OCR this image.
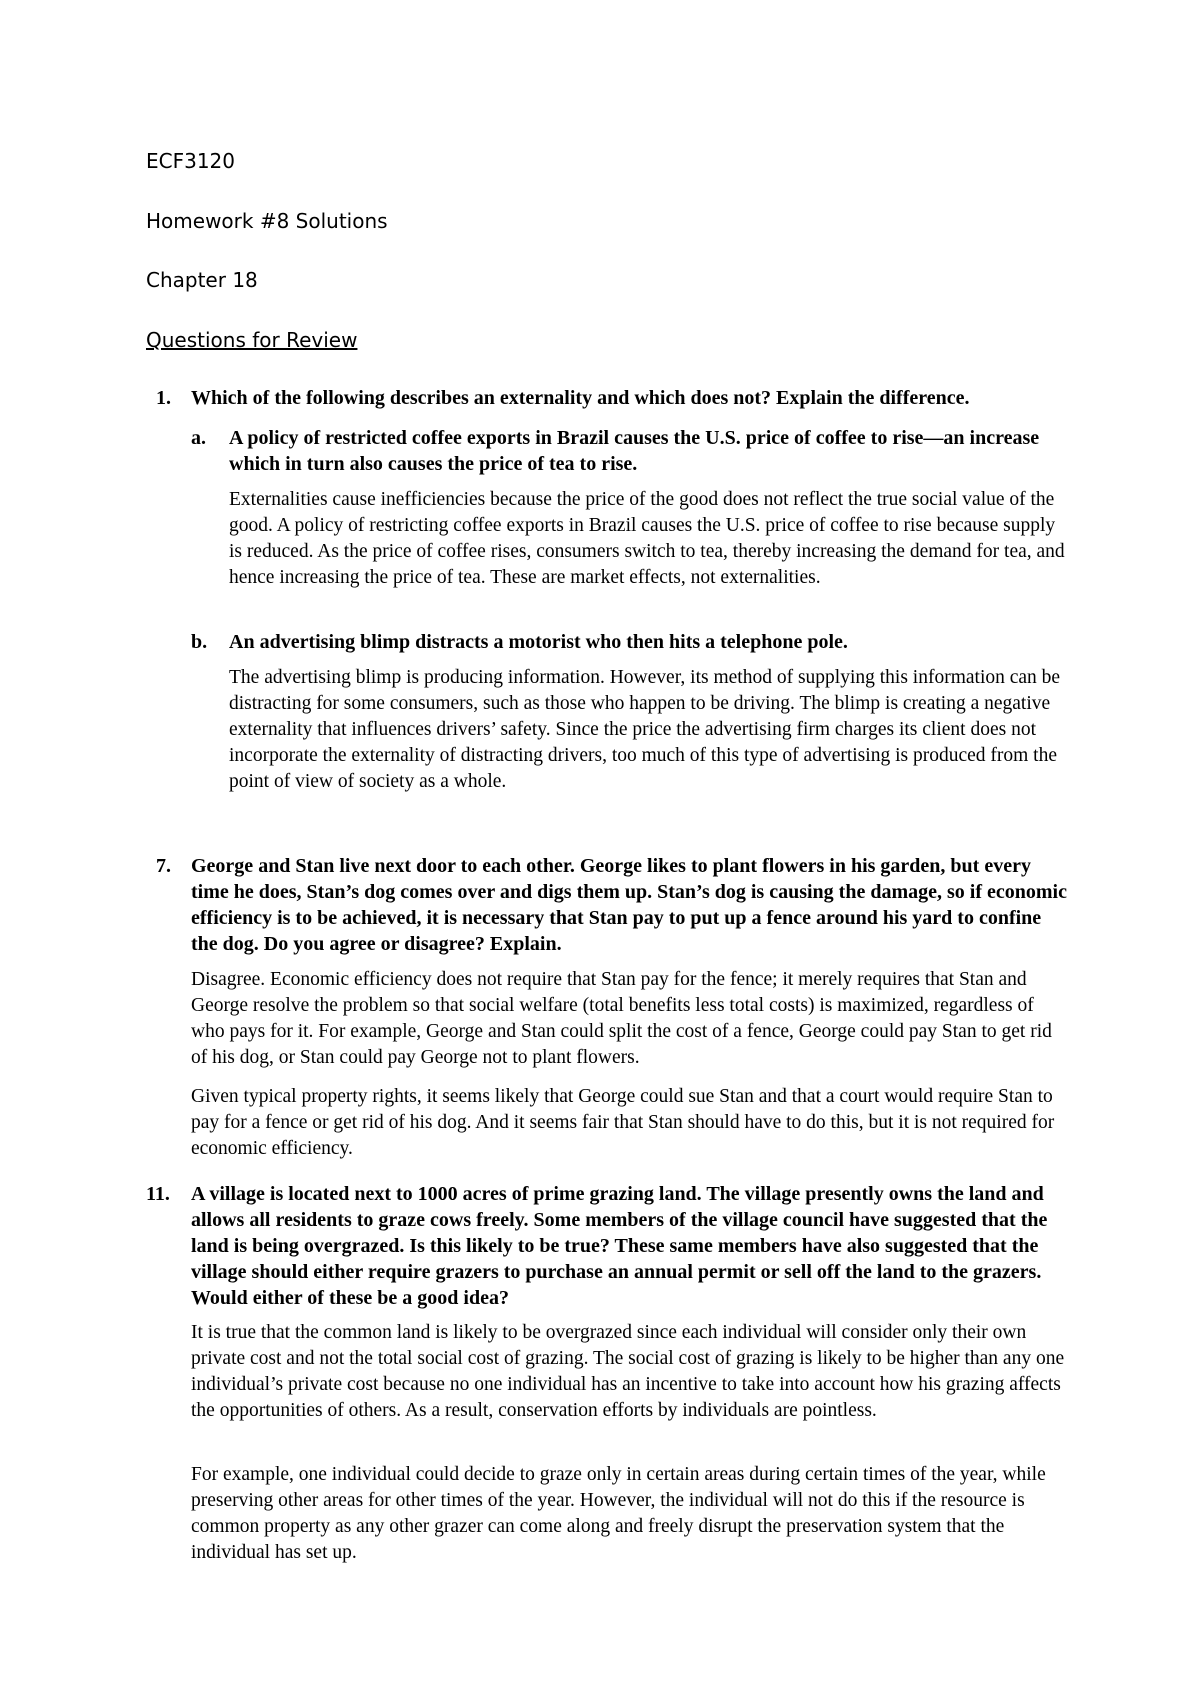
ECF3120
Homework #8 Solutions
Chapter 18
Questions for Review
1. Which of the following describes an externality and which does not? Explain the difference.
a. A policy of restricted coffee exports in Brazil causes the U.S. price of coffee to rise—an increase which in turn also causes the price of tea to rise.
Externalities cause inefficiencies because the price of the good does not reflect the true social value of the good. A policy of restricting coffee exports in Brazil causes the U.S. price of coffee to rise because supply is reduced. As the price of coffee rises, consumers switch to tea, thereby increasing the demand for tea, and hence increasing the price of tea. These are market effects, not externalities.
b. An advertising blimp distracts a motorist who then hits a telephone pole.
The advertising blimp is producing information. However, its method of supplying this information can be distracting for some consumers, such as those who happen to be driving. The blimp is creating a negative externality that influences drivers’ safety. Since the price the advertising firm charges its client does not incorporate the externality of distracting drivers, too much of this type of advertising is produced from the point of view of society as a whole.
7. George and Stan live next door to each other. George likes to plant flowers in his garden, but every time he does, Stan’s dog comes over and digs them up. Stan’s dog is causing the damage, so if economic efficiency is to be achieved, it is necessary that Stan pay to put up a fence around his yard to confine the dog. Do you agree or disagree? Explain.
Disagree. Economic efficiency does not require that Stan pay for the fence; it merely requires that Stan and George resolve the problem so that social welfare (total benefits less total costs) is maximized, regardless of who pays for it. For example, George and Stan could split the cost of a fence, George could pay Stan to get rid of his dog, or Stan could pay George not to plant flowers.
Given typical property rights, it seems likely that George could sue Stan and that a court would require Stan to pay for a fence or get rid of his dog. And it seems fair that Stan should have to do this, but it is not required for economic efficiency.
11. A village is located next to 1000 acres of prime grazing land. The village presently owns the land and allows all residents to graze cows freely. Some members of the village council have suggested that the land is being overgrazed. Is this likely to be true? These same members have also suggested that the village should either require grazers to purchase an annual permit or sell off the land to the grazers. Would either of these be a good idea?
It is true that the common land is likely to be overgrazed since each individual will consider only their own private cost and not the total social cost of grazing. The social cost of grazing is likely to be higher than any one individual’s private cost because no one individual has an incentive to take into account how his grazing affects the opportunities of others. As a result, conservation efforts by individuals are pointless.
For example, one individual could decide to graze only in certain areas during certain times of the year, while preserving other areas for other times of the year. However, the individual will not do this if the resource is common property as any other grazer can come along and freely disrupt the preservation system that the individual has set up.
